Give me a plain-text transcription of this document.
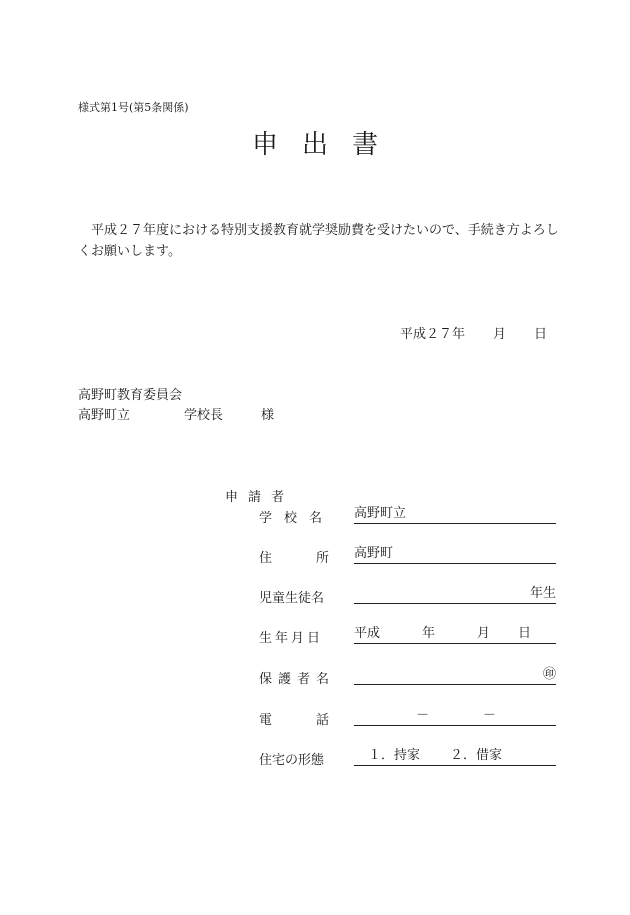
様式第1号(第5条関係)
申出書
平成２７年度における特別支援教育就学奨励費を受けたいので、手続き方よろしくお願いします。
平成２７年 月 日
高野町教育委員会
高野町立	学校長	様
申請者
学校名 高野町立
住	所 高野町
児童生徒名	年生
生年月日 平成	年	月 日
保護者名	㊞
電	話	－	－
住宅の形態	１．持家 ２．借家
